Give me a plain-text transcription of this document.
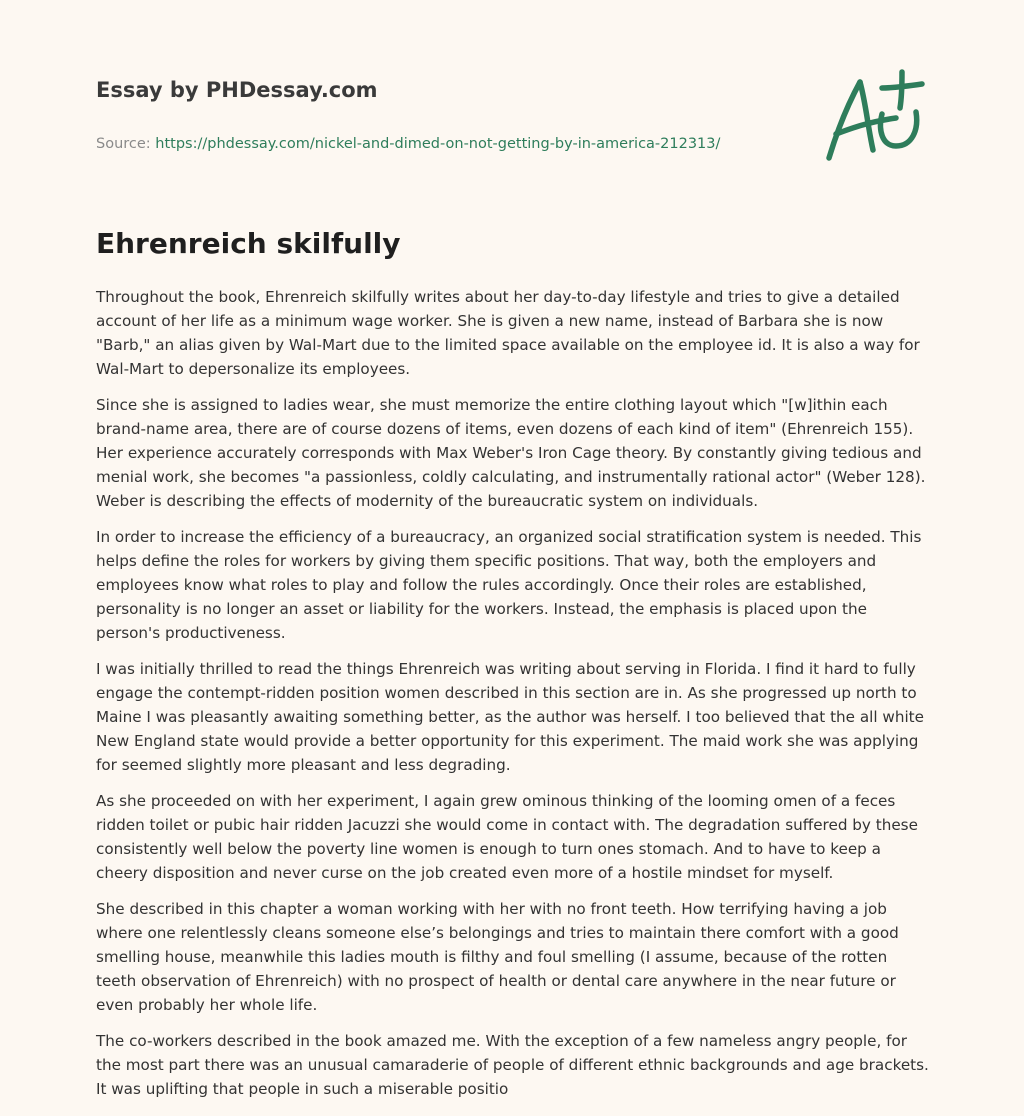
Essay by PHDessay.com
Source: https://phdessay.com/nickel-and-dimed-on-not-getting-by-in-america-212313/
Ehrenreich skilfully

Throughout the book, Ehrenreich skilfully writes about her day-to-day lifestyle and tries to give a detailed account of her life as a minimum wage worker. She is given a new name, instead of Barbara she is now "Barb," an alias given by Wal-Mart due to the limited space available on the employee id. It is also a way for Wal-Mart to depersonalize its employees.

Since she is assigned to ladies wear, she must memorize the entire clothing layout which "[w]ithin each brand-name area, there are of course dozens of items, even dozens of each kind of item" (Ehrenreich 155). Her experience accurately corresponds with Max Weber's Iron Cage theory. By constantly giving tedious and menial work, she becomes "a passionless, coldly calculating, and instrumentally rational actor" (Weber 128). Weber is describing the effects of modernity of the bureaucratic system on individuals.

In order to increase the efficiency of a bureaucracy, an organized social stratification system is needed. This helps define the roles for workers by giving them specific positions. That way, both the employers and employees know what roles to play and follow the rules accordingly. Once their roles are established, personality is no longer an asset or liability for the workers. Instead, the emphasis is placed upon the person's productiveness.

I was initially thrilled to read the things Ehrenreich was writing about serving in Florida. I find it hard to fully engage the contempt-ridden position women described in this section are in. As she progressed up north to Maine I was pleasantly awaiting something better, as the author was herself. I too believed that the all white New England state would provide a better opportunity for this experiment. The maid work she was applying for seemed slightly more pleasant and less degrading.

As she proceeded on with her experiment, I again grew ominous thinking of the looming omen of a feces ridden toilet or pubic hair ridden Jacuzzi she would come in contact with. The degradation suffered by these consistently well below the poverty line women is enough to turn ones stomach. And to have to keep a cheery disposition and never curse on the job created even more of a hostile mindset for myself.

She described in this chapter a woman working with her with no front teeth. How terrifying having a job where one relentlessly cleans someone else’s belongings and tries to maintain there comfort with a good smelling house, meanwhile this ladies mouth is filthy and foul smelling (I assume, because of the rotten teeth observation of Ehrenreich) with no prospect of health or dental care anywhere in the near future or even probably her whole life.

The co-workers described in the book amazed me. With the exception of a few nameless angry people, for the most part there was an unusual camaraderie of people of different ethnic backgrounds and age brackets. It was uplifting that people in such a miserable positio
